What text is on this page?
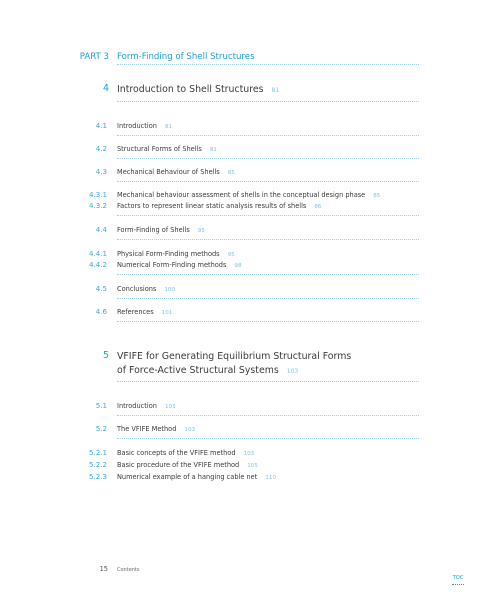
PART 3 Form-Finding of Shell Structures
4 Introduction to Shell Structures 81
4.1 Introduction 81
4.2 Structural Forms of Shells 81
4.3 Mechanical Behaviour of Shells 85
4.3.1 Mechanical behaviour assessment of shells in the conceptual design phase 85
4.3.2 Factors to represent linear static analysis results of shells 86
4.4 Form-Finding of Shells 95
4.4.1 Physical Form-Finding methods 95
4.4.2 Numerical Form-Finding methods 98
4.5 Conclusions 100
4.6 References 101
5 VFIFE for Generating Equilibrium Structural Forms
of Force-Active Structural Systems 103
5.1 Introduction 103
5.2 The VFIFE Method 103
5.2.1 Basic concepts of the VFIFE method 103
5.2.2 Basic procedure of the VFIFE method 105
5.2.3 Numerical example of a hanging cable net 110
15 Contents
TOC
